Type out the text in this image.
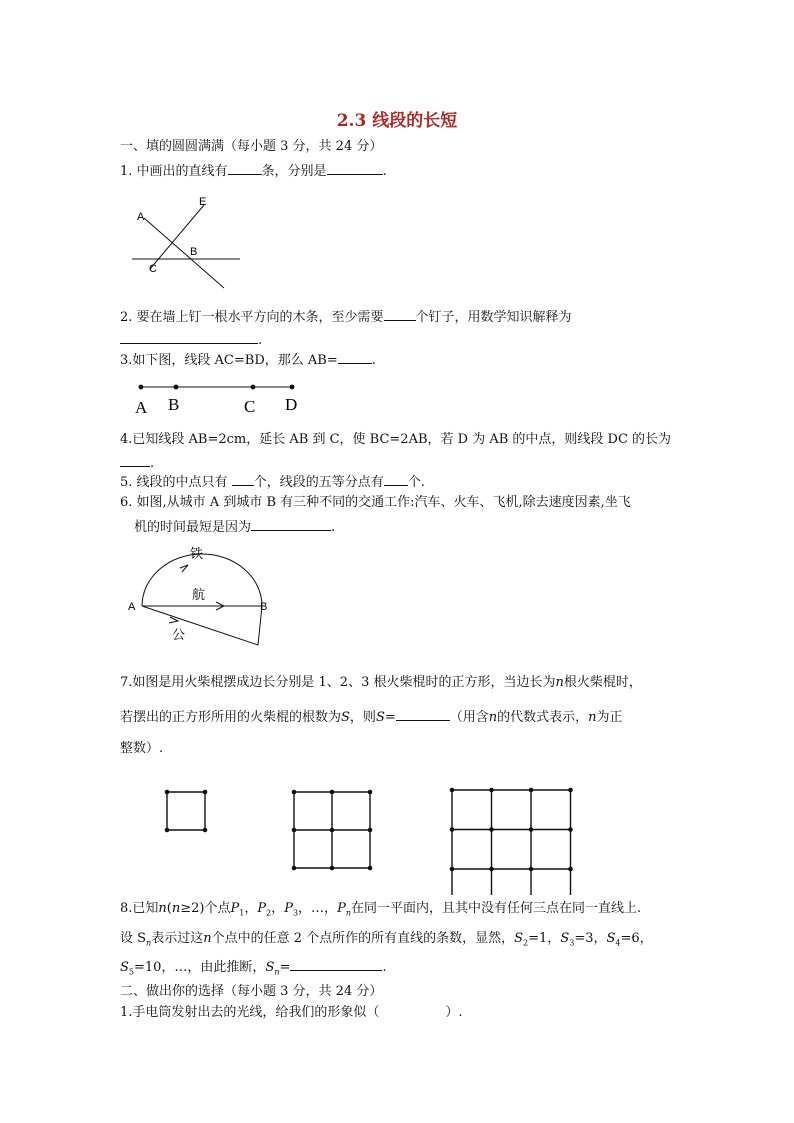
2.3 线段的长短
一、填的圆圆满满（每小题 3 分，共 24 分）
1. 中画出的直线有	条，分别是	.
E
A
B
C
2. 要在墙上钉一根水平方向的木条，至少需要 个钉子，用数学知识解释为
.
3.如下图，线段 AC=BD，那么 AB=	.
A B	C D
4.已知线段 AB=2cm，延长 AB 到 C，使 BC=2AB，若 D 为 AB 的中点，则线段 DC 的长为
.
5. 线段的中点只有 个，线段的五等分点有 个.
6. 如图,从城市 A 到城市 B 有三种不同的交通工作:汽车、火车、飞机,除去速度因素,坐飞
机的时间最短是因为	.
铁
航
公
A	B
7.如图是用火柴棍摆成边长分别是 1、2、3 根火柴棍时的正方形，当边长为n根火柴棍时，
若摆出的正方形所用的火柴棍的根数为S，则S=	（用含n的代数式表示，n为正
整数）.
8.已知n(n≥2)个点$P_1$，$P_2$，$P_3$，…，$P_n$在同一平面内，且其中没有任何三点在同一直线上.
设 $S_n$表示过这n个点中的任意 2 个点所作的所有直线的条数，显然，$S_2=1$，$S_3=3$，$S_4=6$，
$S_5=10$，…，由此推断，$S_n=$	.
二、做出你的选择（每小题 3 分，共 24 分）
1.手电筒发射出去的光线，给我们的形象似（	）.
